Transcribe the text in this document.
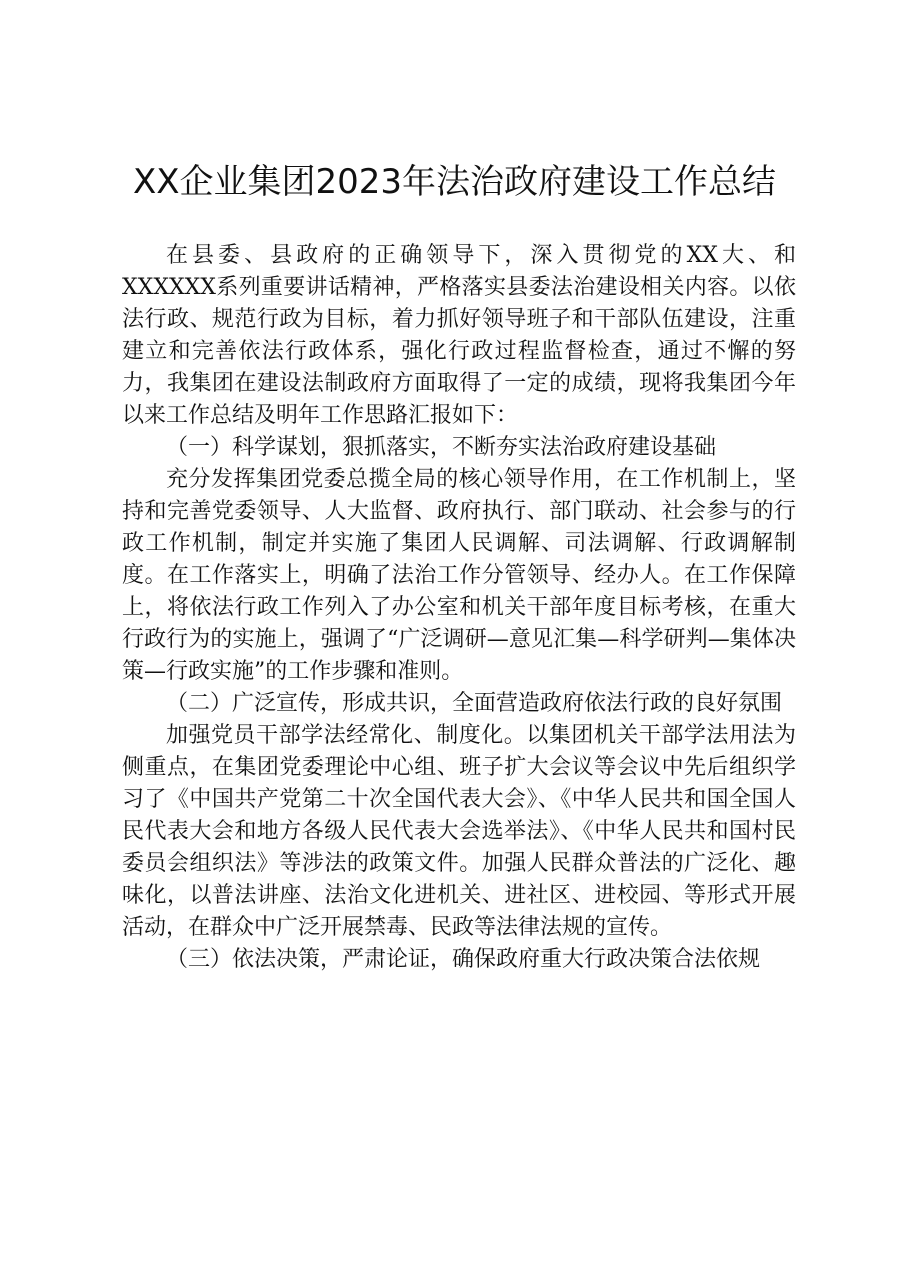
XX企业集团2023年法治政府建设工作总结

在县委、县政府的正确领导下，深入贯彻党的XX大、和XXXXXX系列重要讲话精神，严格落实县委法治建设相关内容。以依法行政、规范行政为目标，着力抓好领导班子和干部队伍建设，注重建立和完善依法行政体系，强化行政过程监督检查，通过不懈的努力，我集团在建设法制政府方面取得了一定的成绩，现将我集团今年以来工作总结及明年工作思路汇报如下：

（一）科学谋划，狠抓落实，不断夯实法治政府建设基础

充分发挥集团党委总揽全局的核心领导作用，在工作机制上，坚持和完善党委领导、人大监督、政府执行、部门联动、社会参与的行政工作机制，制定并实施了集团人民调解、司法调解、行政调解制度。在工作落实上，明确了法治工作分管领导、经办人。在工作保障上，将依法行政工作列入了办公室和机关干部年度目标考核，在重大行政行为的实施上，强调了“广泛调研—意见汇集—科学研判—集体决策—行政实施”的工作步骤和准则。

（二）广泛宣传，形成共识，全面营造政府依法行政的良好氛围

加强党员干部学法经常化、制度化。以集团机关干部学法用法为侧重点，在集团党委理论中心组、班子扩大会议等会议中先后组织学习了《中国共产党第二十次全国代表大会》、《中华人民共和国全国人民代表大会和地方各级人民代表大会选举法》、《中华人民共和国村民委员会组织法》等涉法的政策文件。加强人民群众普法的广泛化、趣味化，以普法讲座、法治文化进机关、进社区、进校园、等形式开展活动，在群众中广泛开展禁毒、民政等法律法规的宣传。

（三）依法决策，严肃论证，确保政府重大行政决策合法依规
